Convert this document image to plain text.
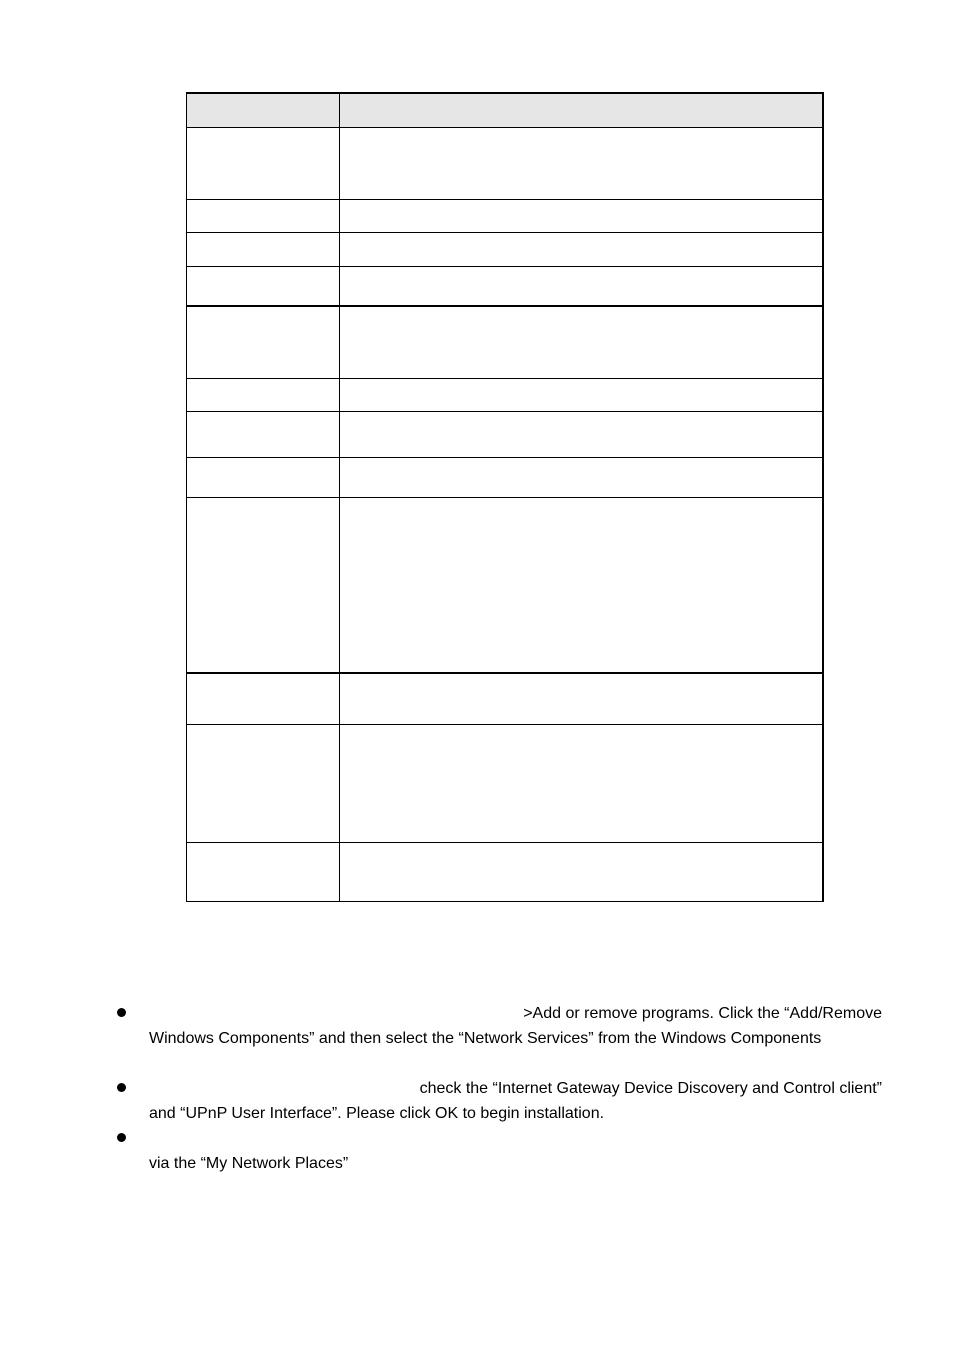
>Add or remove programs. Click the “Add/Remove
Windows Components” and then select the “Network Services” from the Windows Components
check the “Internet Gateway Device Discovery and Control client”
and “UPnP User Interface”. Please click OK to begin installation.
via the “My Network Places”
